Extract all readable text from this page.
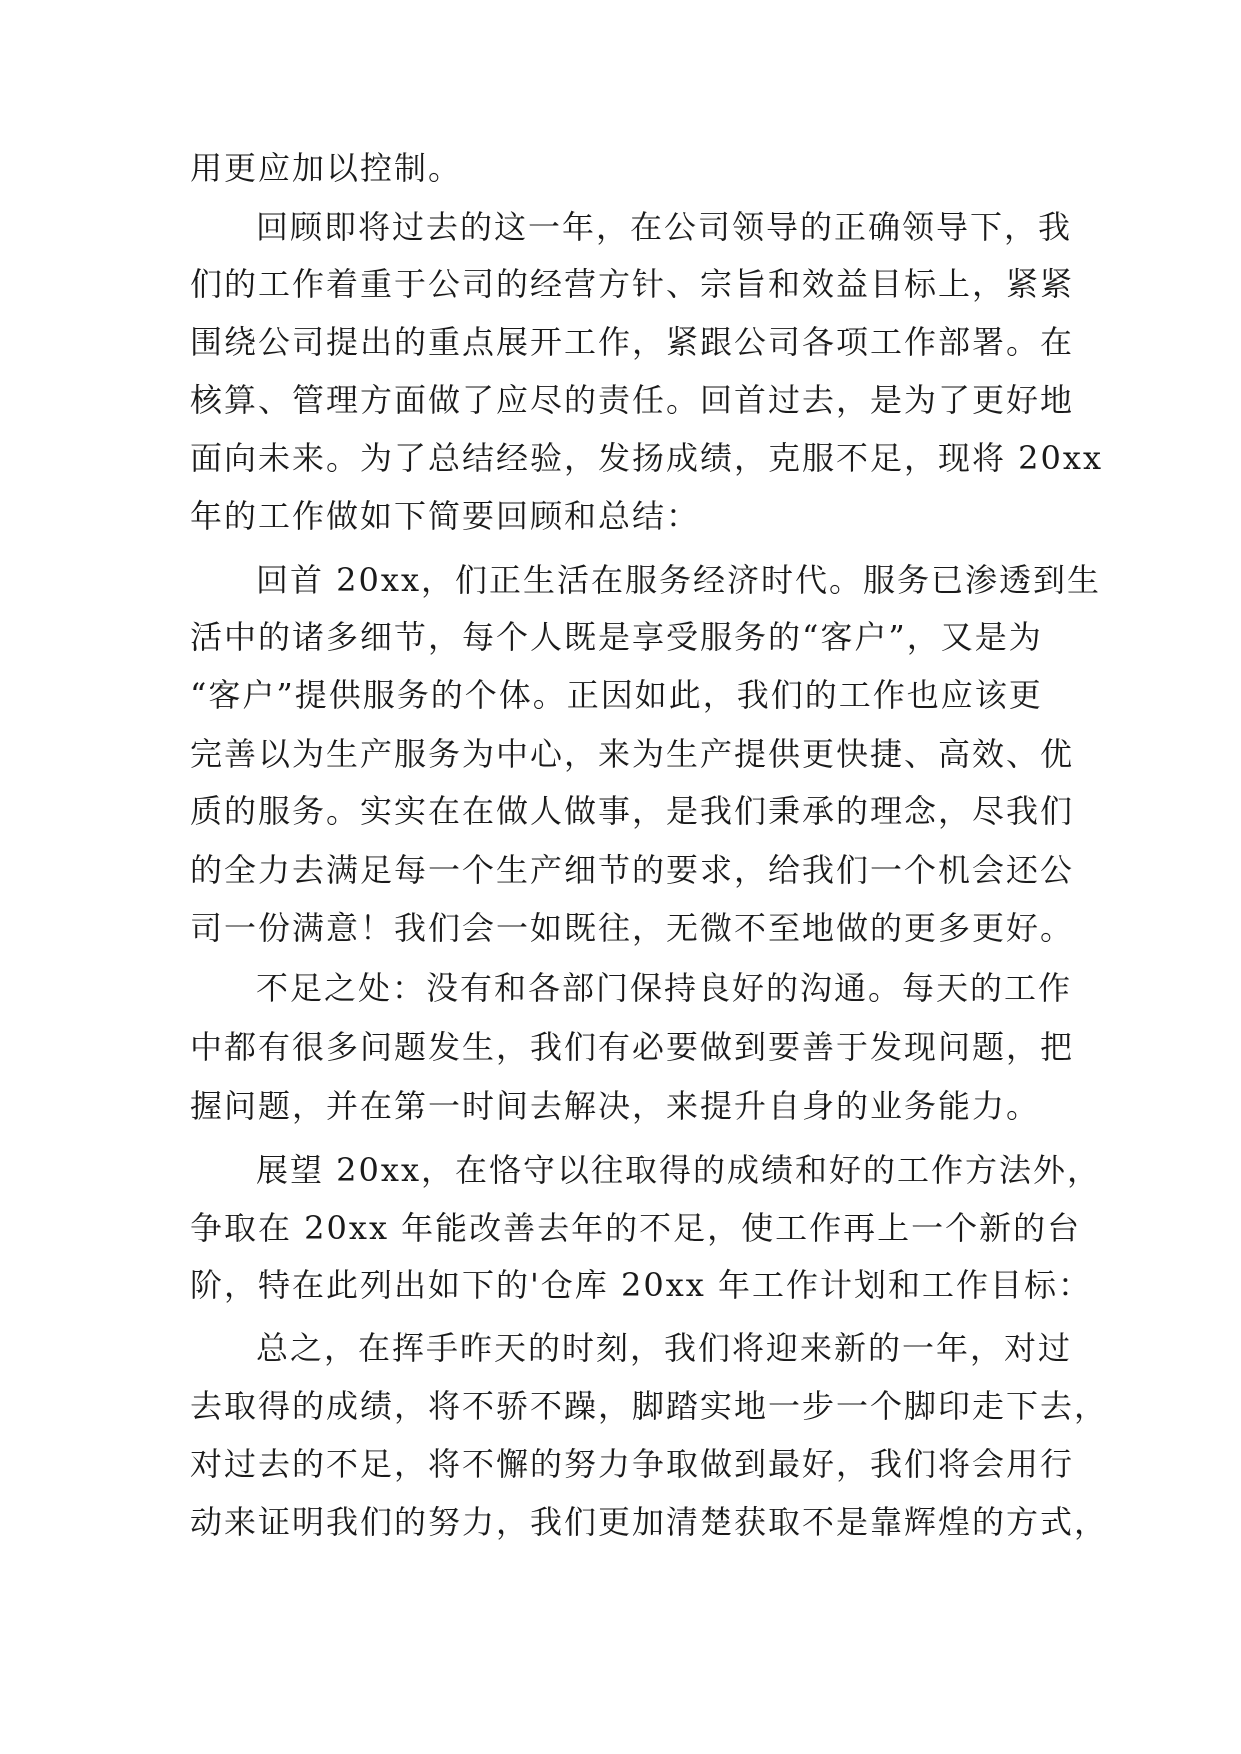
用更应加以控制。
回顾即将过去的这一年，在公司领导的正确领导下，我
们的工作着重于公司的经营方针、宗旨和效益目标上，紧紧
围绕公司提出的重点展开工作，紧跟公司各项工作部署。在
核算、管理方面做了应尽的责任。回首过去，是为了更好地
面向未来。为了总结经验，发扬成绩，克服不足，现将 20xx
年的工作做如下简要回顾和总结：
回首 20xx，们正生活在服务经济时代。服务已渗透到生
活中的诸多细节，每个人既是享受服务的“客户”，又是为
“客户”提供服务的个体。正因如此，我们的工作也应该更
完善以为生产服务为中心，来为生产提供更快捷、高效、优
质的服务。实实在在做人做事，是我们秉承的理念，尽我们
的全力去满足每一个生产细节的要求，给我们一个机会还公
司一份满意！我们会一如既往，无微不至地做的更多更好。
不足之处：没有和各部门保持良好的沟通。每天的工作
中都有很多问题发生，我们有必要做到要善于发现问题，把
握问题，并在第一时间去解决，来提升自身的业务能力。
展望 20xx，在恪守以往取得的成绩和好的工作方法外，
争取在 20xx 年能改善去年的不足，使工作再上一个新的台
阶，特在此列出如下的'仓库 20xx 年工作计划和工作目标：
总之，在挥手昨天的时刻，我们将迎来新的一年，对过
去取得的成绩，将不骄不躁，脚踏实地一步一个脚印走下去，
对过去的不足，将不懈的努力争取做到最好，我们将会用行
动来证明我们的努力，我们更加清楚获取不是靠辉煌的方式，
